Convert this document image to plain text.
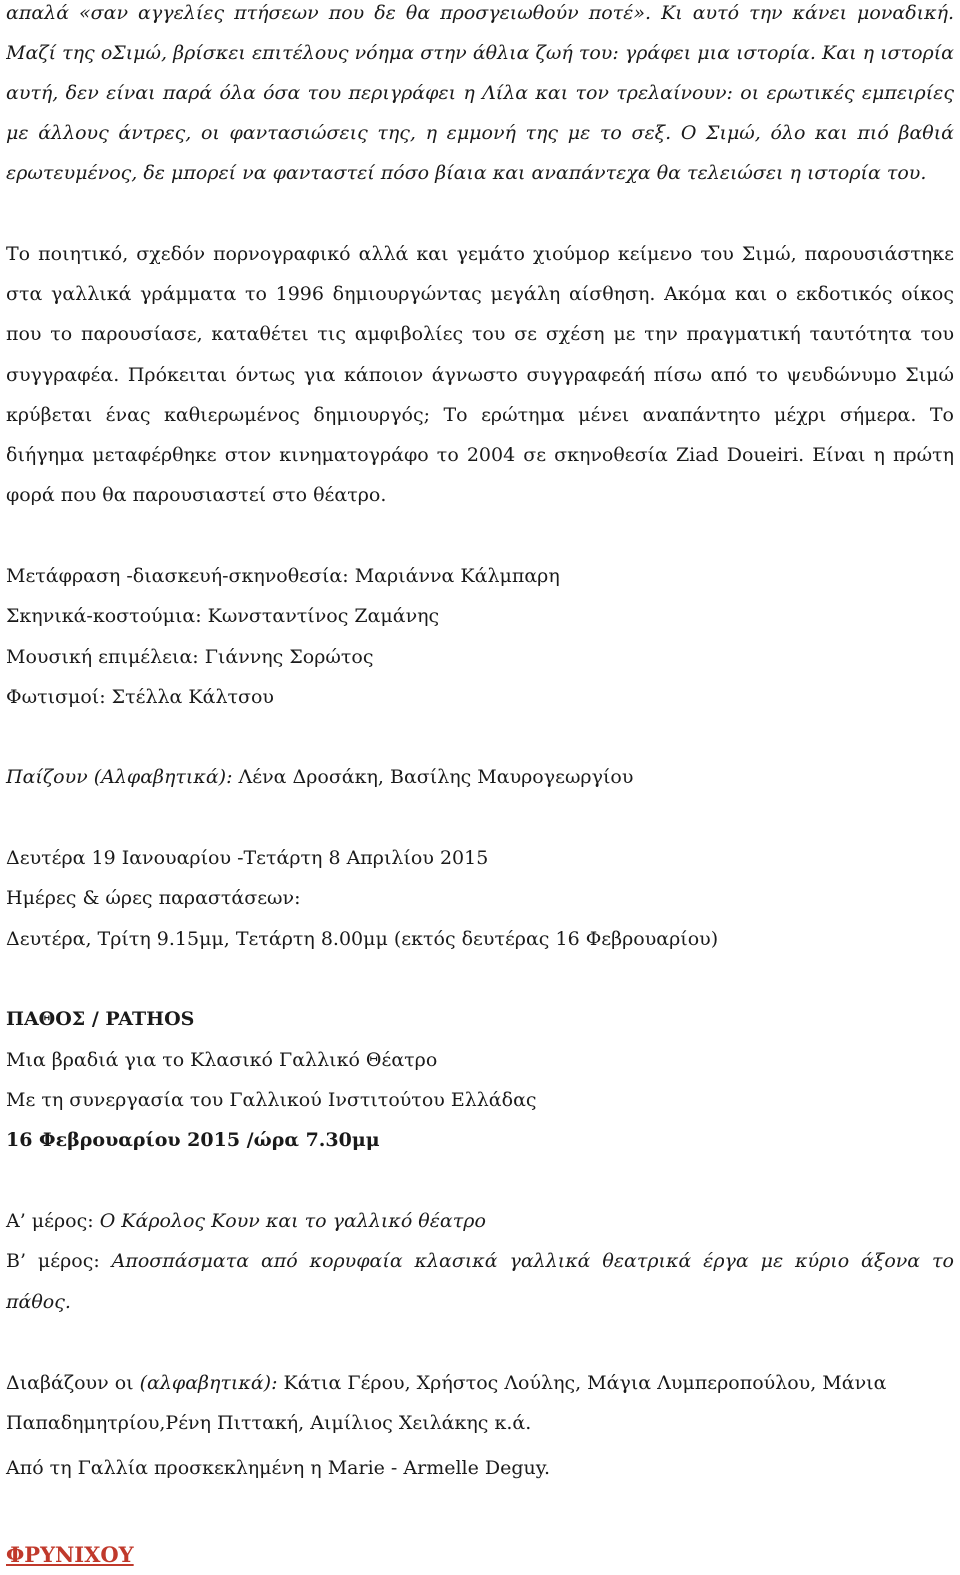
απαλά «σαν αγγελίες πτήσεων που δε θα προσγειωθούν ποτέ». Κι αυτό την κάνει μοναδική.
Μαζί της οΣιμώ, βρίσκει επιτέλους νόημα στην άθλια ζωή του: γράφει μια ιστορία. Και η ιστορία
αυτή, δεν είναι παρά όλα όσα του περιγράφει η Λίλα και τον τρελαίνουν: οι ερωτικές εμπειρίες
με άλλους άντρες, οι φαντασιώσεις της, η εμμονή της με το σεξ. Ο Σιμώ, όλο και πιό βαθιά
ερωτευμένος, δε μπορεί να φανταστεί πόσο βίαια και αναπάντεχα θα τελειώσει η ιστορία του.
Το ποιητικό, σχεδόν πορνογραφικό αλλά και γεμάτο χιούμορ κείμενο του Σιμώ, παρουσιάστηκε
στα γαλλικά γράμματα το 1996 δημιουργώντας μεγάλη αίσθηση. Ακόμα και ο εκδοτικός οίκος
που το παρουσίασε, καταθέτει τις αμφιβολίες του σε σχέση με την πραγματική ταυτότητα του
συγγραφέα. Πρόκειται όντως για κάποιον άγνωστο συγγραφεάή πίσω από το ψευδώνυμο Σιμώ
κρύβεται ένας καθιερωμένος δημιουργός; Το ερώτημα μένει αναπάντητο μέχρι σήμερα. Το
διήγημα μεταφέρθηκε στον κινηματογράφο το 2004 σε σκηνοθεσία Ziad Doueiri. Είναι η πρώτη
φορά που θα παρουσιαστεί στο θέατρο.
Μετάφραση -διασκευή-σκηνοθεσία: Μαριάννα Κάλμπαρη
Σκηνικά-κοστούμια: Κωνσταντίνος Ζαμάνης
Μουσική επιμέλεια: Γιάννης Σορώτος
Φωτισμοί: Στέλλα Κάλτσου
Παίζουν (Αλφαβητικά): Λένα Δροσάκη, Βασίλης Μαυρογεωργίου
Δευτέρα 19 Ιανουαρίου -Τετάρτη 8 Απριλίου 2015
Ημέρες & ώρες παραστάσεων:
Δευτέρα, Τρίτη 9.15μμ, Τετάρτη 8.00μμ (εκτός δευτέρας 16 Φεβρουαρίου)
ΠΑΘΟΣ / PATHOS
Μια βραδιά για το Κλασικό Γαλλικό Θέατρο
Με τη συνεργασία του Γαλλικού Ινστιτούτου Ελλάδας
16 Φεβρουαρίου 2015 /ώρα 7.30μμ
Α’ μέρος: Ο Κάρολος Κουν και το γαλλικό θέατρο
Β’ μέρος: Αποσπάσματα από κορυφαία κλασικά γαλλικά θεατρικά έργα με κύριο άξονα το
πάθος.
Διαβάζουν οι (αλφαβητικά): Κάτια Γέρου, Χρήστος Λούλης, Μάγια Λυμπεροπούλου, Μάνια
Παπαδημητρίου,Ρένη Πιττακή, Αιμίλιος Χειλάκης κ.ά.
Από τη Γαλλία προσκεκλημένη η Marie - Armelle Deguy.
ΦΡΥΝΙΧΟΥ
